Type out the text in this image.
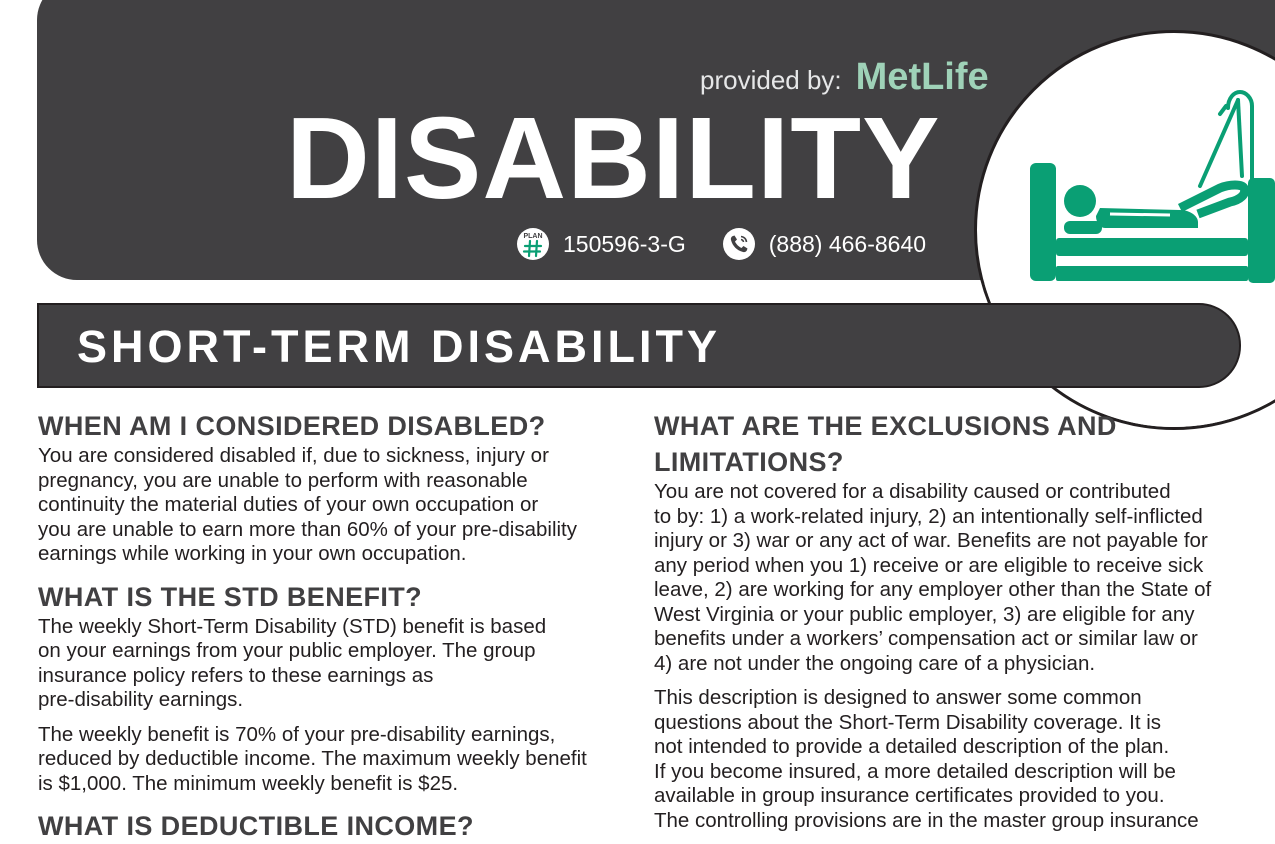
provided by: MetLife
DISABILITY
PLAN 150596-3-G	(888) 466-8640
SHORT-TERM DISABILITY
WHEN AM I CONSIDERED DISABLED?

You are considered disabled if, due to sickness, injury or
pregnancy, you are unable to perform with reasonable
continuity the material duties of your own occupation or
you are unable to earn more than 60% of your pre-disability
earnings while working in your own occupation.

WHAT IS THE STD BENEFIT?

The weekly Short-Term Disability (STD) benefit is based
on your earnings from your public employer. The group
insurance policy refers to these earnings as
pre-disability earnings.

The weekly benefit is 70% of your pre-disability earnings,
reduced by deductible income. The maximum weekly benefit
is $1,000. The minimum weekly benefit is $25.

WHAT IS DEDUCTIBLE INCOME?
WHAT ARE THE EXCLUSIONS AND
LIMITATIONS?

You are not covered for a disability caused or contributed
to by: 1) a work-related injury, 2) an intentionally self-inflicted
injury or 3) war or any act of war. Benefits are not payable for
any period when you 1) receive or are eligible to receive sick
leave, 2) are working for any employer other than the State of
West Virginia or your public employer, 3) are eligible for any
benefits under a workers’ compensation act or similar law or
4) are not under the ongoing care of a physician.

This description is designed to answer some common
questions about the Short-Term Disability coverage. It is
not intended to provide a detailed description of the plan.
If you become insured, a more detailed description will be
available in group insurance certificates provided to you.
The controlling provisions are in the master group insurance
